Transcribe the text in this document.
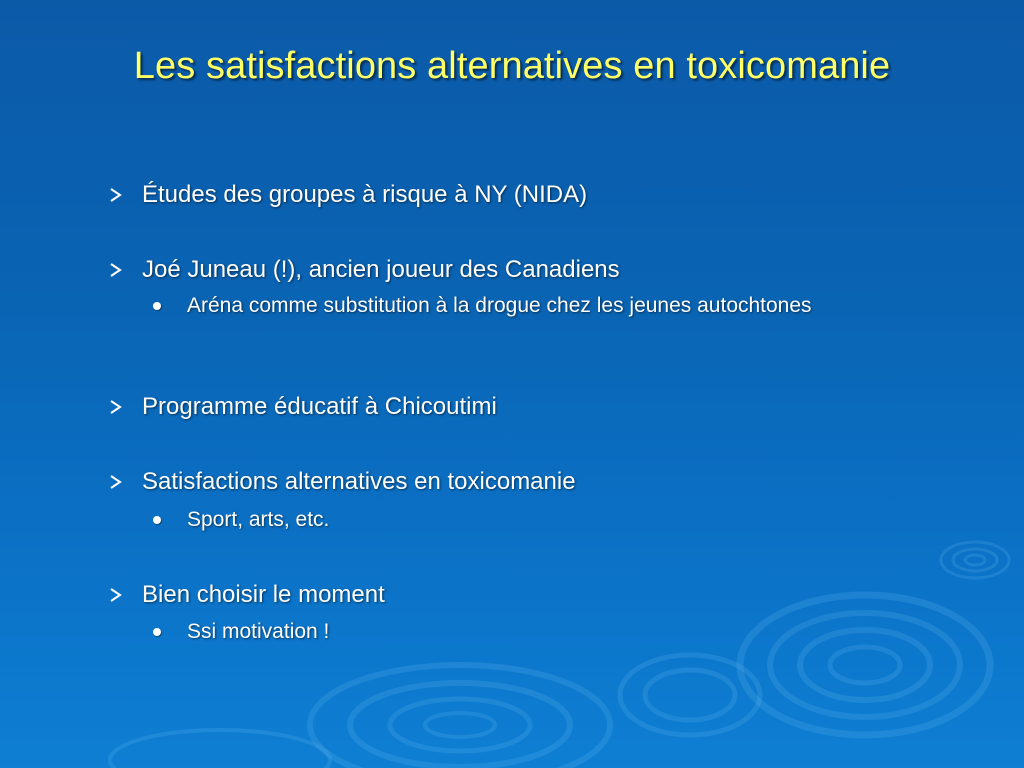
Les satisfactions alternatives en toxicomanie
Études des groupes à risque à NY (NIDA)
Joé Juneau (!), ancien joueur des Canadiens
Aréna comme substitution à la drogue chez les jeunes autochtones
Programme éducatif à Chicoutimi
Satisfactions alternatives en toxicomanie
Sport, arts, etc.
Bien choisir le moment
Ssi motivation !
